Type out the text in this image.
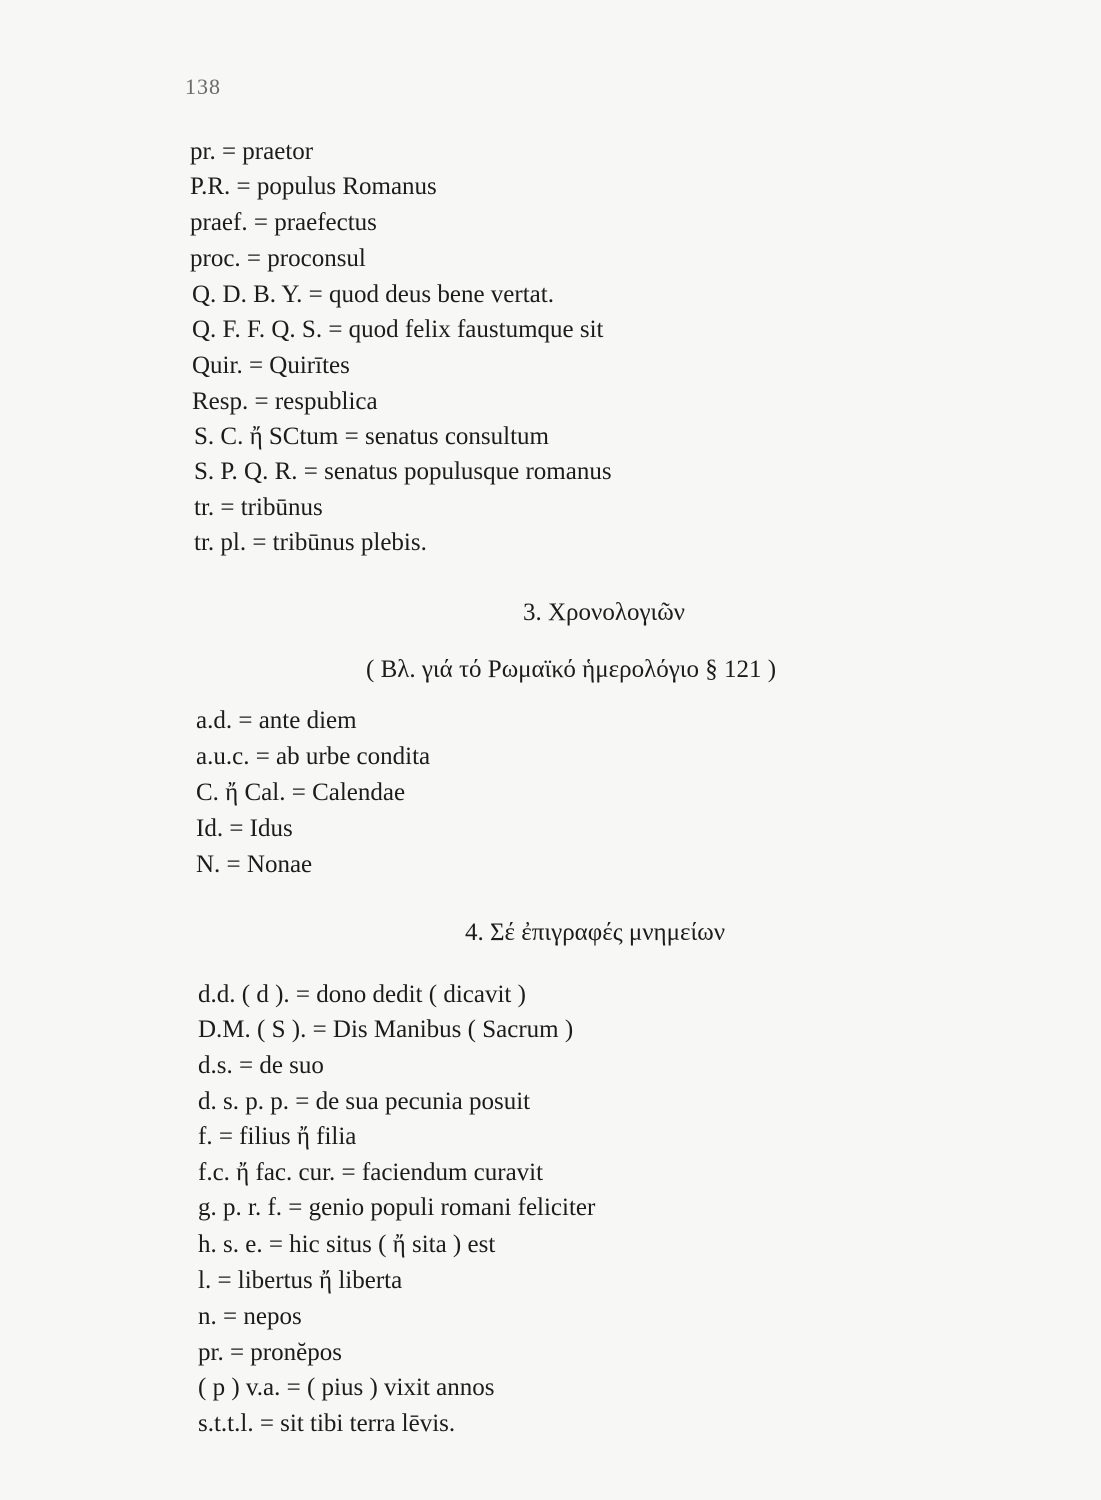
138
pr. = praetor
P.R. = populus Romanus
praef. = praefectus
proc. = proconsul
Q. D. B. Y. = quod deus bene vertat.
Q. F. F. Q. S. = quod felix faustumque sit
Quir. = Quirītes
Resp. = respublica
S. C. ἤ SCtum = senatus consultum
S. P. Q. R. = senatus populusque romanus
tr. = tribūnus
tr. pl. = tribūnus plebis.
3. Χρονολογιῶν
( Βλ. γιά τό Ρωμαϊκό ἡμερολόγιο § 121 )
a.d. = ante diem
a.u.c. = ab urbe condita
C. ἤ Cal. = Calendae
Id. = Idus
N. = Nonae
4. Σέ ἐπιγραφές μνημείων
d.d. ( d ). = dono dedit ( dicavit )
D.M. ( S ). = Dis Manibus ( Sacrum )
d.s. = de suo
d. s. p. p. = de sua pecunia posuit
f. = filius ἤ filia
f.c. ἤ fac. cur. = faciendum curavit
g. p. r. f. = genio populi romani feliciter
h. s. e. = hic situs ( ἤ sita ) est
l. = libertus ἤ liberta
n. = nepos
pr. = pronĕpos
( p ) v.a. = ( pius ) vixit annos
s.t.t.l. = sit tibi terra lēvis.
